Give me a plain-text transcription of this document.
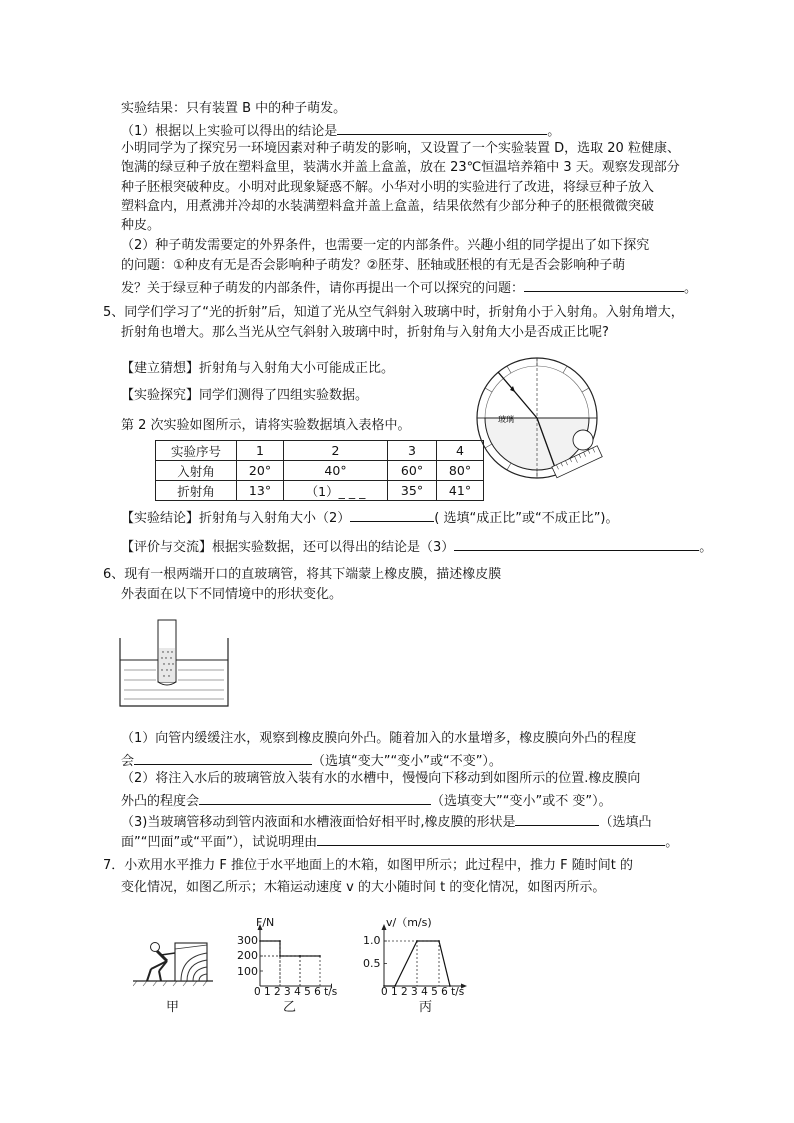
实验结果：只有装置 B 中的种子萌发。
（1）根据以上实验可以得出的结论是	。
小明同学为了探究另一环境因素对种子萌发的影响，又设置了一个实验装置 D，选取 20 粒健康、
饱满的绿豆种子放在塑料盒里，装满水并盖上盒盖，放在 23℃恒温培养箱中 3 天。观察发现部分
种子胚根突破种皮。小明对此现象疑惑不解。小华对小明的实验进行了改进，将绿豆种子放入
塑料盒内，用煮沸并冷却的水装满塑料盒并盖上盒盖，结果依然有少部分种子的胚根微微突破
种皮。
（2）种子萌发需要定的外界条件，也需要一定的内部条件。兴趣小组的同学提出了如下探究
的问题：①种皮有无是否会影响种子萌发？②胚芽、胚轴或胚根的有无是否会影响种子萌
发？关于绿豆种子萌发的内部条件，请你再提出一个可以探究的问题：	。
5、同学们学习了“光的折射”后，知道了光从空气斜射入玻璃中时，折射角小于入射角。入射角增大，
折射角也增大。那么当光从空气斜射入玻璃中时，折射角与入射角大小是否成正比呢?
【建立猜想】折射角与入射角大小可能成正比。
【实验探究】同学们测得了四组实验数据。
第 2 次实验如图所示，请将实验数据填入表格中。
实验序号	1	2	3	4
入射角	20°	40°	60°	80°
折射角	13°	（1）_ _ _	35°	41°
玻璃
【实验结论】折射角与入射角大小（2）	( 选填“成正比”或“不成正比”)。
【评价与交流】根据实验数据，还可以得出的结论是（3）	。
6、现有一根两端开口的直玻璃管，将其下端蒙上橡皮膜，描述橡皮膜
外表面在以下不同情境中的形状变化。
（1）向管内缓缓注水，观察到橡皮膜向外凸。随着加入的水量增多，橡皮膜向外凸的程度
会	（选填“变大”“变小”或“不变”）。
（2）将注入水后的玻璃管放入装有水的水槽中，慢慢向下移动到如图所示的位置.橡皮膜向
外凸的程度会	（选填变大”“变小”或不 变”）。
（3)当玻璃管移动到管内液面和水槽液面恰好相平时,橡皮膜的形状是	（选填凸
面”“凹面”或“平面”），试说明理由	。
7．小欢用水平推力 F 推位于水平地面上的木箱，如图甲所示；此过程中，推力 F 随时间t 的
变化情况，如图乙所示；木箱运动速度 v 的大小随时间 t 的变化情况，如图丙所示。
甲
F/N
300
200
100
0 1 2 3 4 5 6 t/s
乙
v/（m/s)
1.0
0.5
0 1 2 3 4 5 6 t/s
丙
